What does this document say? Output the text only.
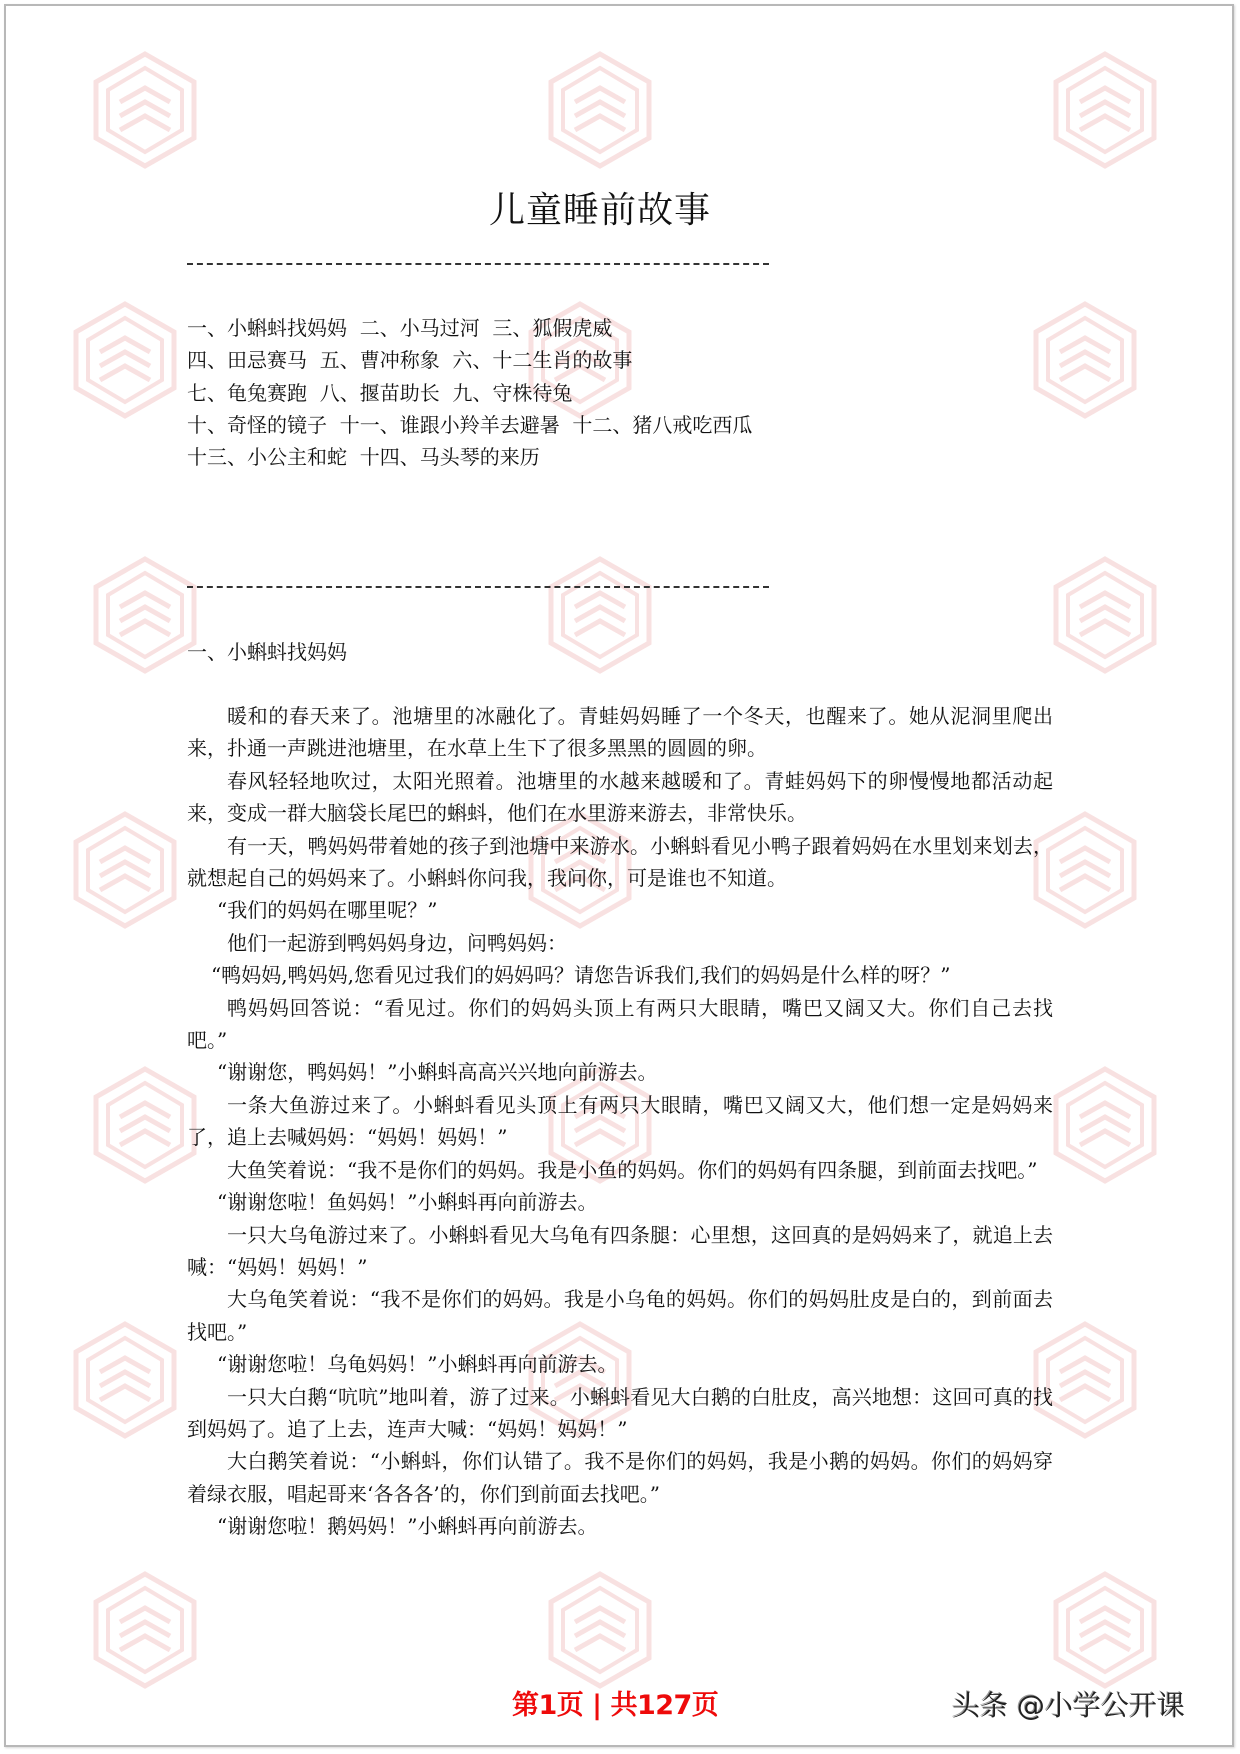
儿童睡前故事
一、小蝌蚪找妈妈  二、小马过河  三、狐假虎威
四、田忌赛马  五、曹冲称象  六、十二生肖的故事
七、龟兔赛跑  八、揠苗助长  九、守株待兔
十、奇怪的镜子  十一、谁跟小羚羊去避暑  十二、猪八戒吃西瓜
十三、小公主和蛇  十四、马头琴的来历
一、小蝌蚪找妈妈

暖和的春天来了。池塘里的冰融化了。青蛙妈妈睡了一个冬天，也醒来了。她从泥洞里爬出来，扑通一声跳进池塘里，在水草上生下了很多黑黑的圆圆的卵。

春风轻轻地吹过，太阳光照着。池塘里的水越来越暖和了。青蛙妈妈下的卵慢慢地都活动起来，变成一群大脑袋长尾巴的蝌蚪，他们在水里游来游去，非常快乐。

有一天，鸭妈妈带着她的孩子到池塘中来游水。小蝌蚪看见小鸭子跟着妈妈在水里划来划去，就想起自己的妈妈来了。小蝌蚪你问我，我问你，可是谁也不知道。

“我们的妈妈在哪里呢？”

他们一起游到鸭妈妈身边，问鸭妈妈：

“鸭妈妈,鸭妈妈,您看见过我们的妈妈吗？请您告诉我们,我们的妈妈是什么样的呀？”

鸭妈妈回答说：“看见过。你们的妈妈头顶上有两只大眼睛，嘴巴又阔又大。你们自己去找吧。”

“谢谢您，鸭妈妈！”小蝌蚪高高兴兴地向前游去。

一条大鱼游过来了。小蝌蚪看见头顶上有两只大眼睛，嘴巴又阔又大，他们想一定是妈妈来了，追上去喊妈妈：“妈妈！妈妈！”

大鱼笑着说：“我不是你们的妈妈。我是小鱼的妈妈。你们的妈妈有四条腿，到前面去找吧。”

“谢谢您啦！鱼妈妈！”小蝌蚪再向前游去。

一只大乌龟游过来了。小蝌蚪看见大乌龟有四条腿：心里想，这回真的是妈妈来了，就追上去喊：“妈妈！妈妈！”

大乌龟笑着说：“我不是你们的妈妈。我是小乌龟的妈妈。你们的妈妈肚皮是白的，到前面去找吧。”

“谢谢您啦！乌龟妈妈！”小蝌蚪再向前游去。

一只大白鹅“吭吭”地叫着，游了过来。小蝌蚪看见大白鹅的白肚皮，高兴地想：这回可真的找到妈妈了。追了上去，连声大喊：“妈妈！妈妈！”

大白鹅笑着说：“小蝌蚪，你们认错了。我不是你们的妈妈，我是小鹅的妈妈。你们的妈妈穿着绿衣服，唱起哥来‘各各各’的，你们到前面去找吧。”

“谢谢您啦！鹅妈妈！”小蝌蚪再向前游去。

第1页 | 共127页	头条 @小学公开课
